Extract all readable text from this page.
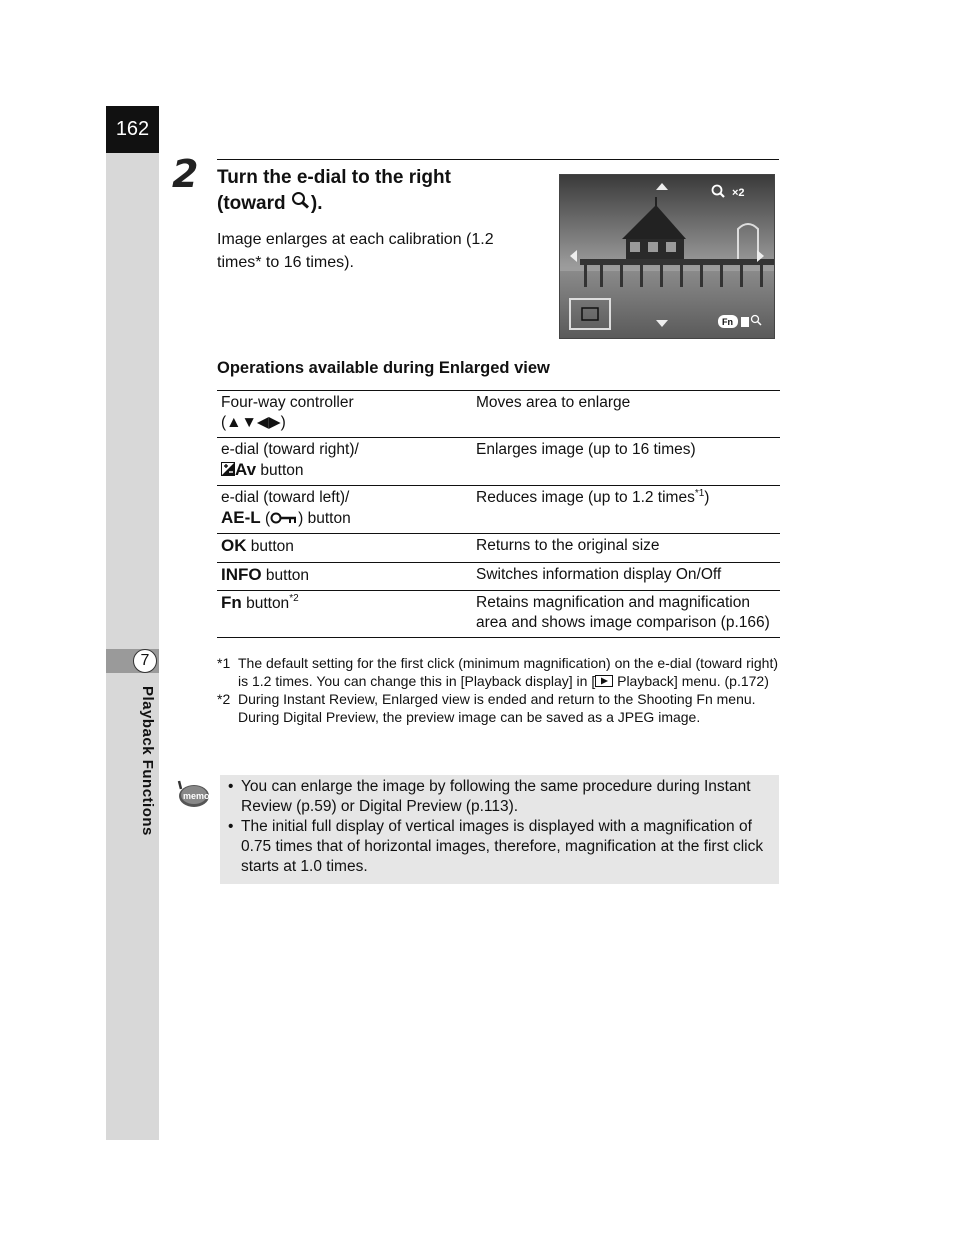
162
7
Playback Functions
2 Turn the e-dial to the right
(toward ).
Image enlarges at each calibration (1.2 times* to 16 times).
×2
Fn
Operations available during Enlarged view
Four-way controller
(▲▼◀▶)	Moves area to enlarge

e-dial (toward right)/
Av button	Enlarges image (up to 16 times)

e-dial (toward left)/
AE-L ( ) button	Reduces image (up to 1.2 times$^{*1}$)
OK button	Returns to the original size
INFO button	Switches information display On/Off
Fn button$^{*2}$	Retains magnification and magnification area and shows image comparison (p.166)
*1 The default setting for the first click (minimum magnification) on the e-dial (toward right) is 1.2 times. You can change this in [Playback display] in [ Playback] menu. (p.172)
*2 During Instant Review, Enlarged view is ended and return to the Shooting Fn menu. During Digital Preview, the preview image can be saved as a JPEG image.
memo
• You can enlarge the image by following the same procedure during Instant Review (p.59) or Digital Preview (p.113).
• The initial full display of vertical images is displayed with a magnification of 0.75 times that of horizontal images, therefore, magnification at the first click starts at 1.0 times.
